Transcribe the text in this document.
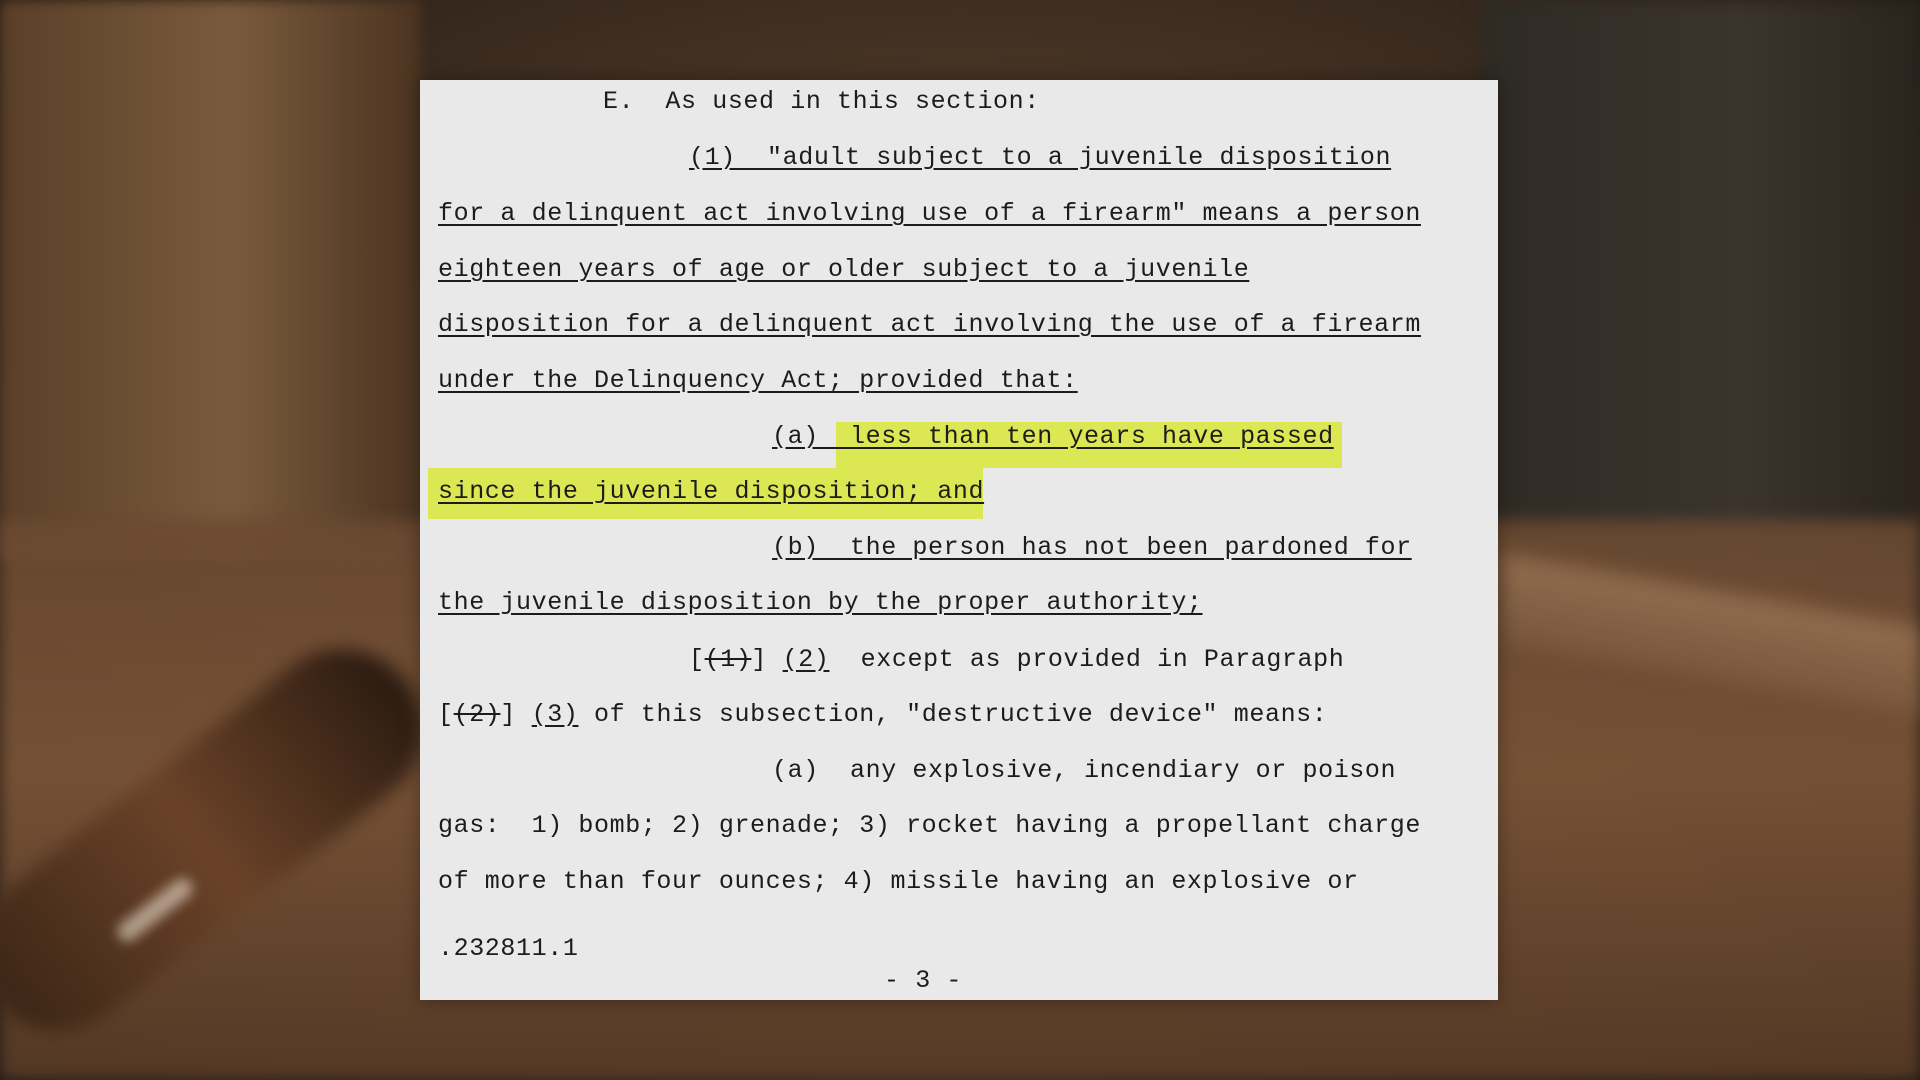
E.  As used in this section:
(1)  "adult subject to a juvenile disposition
for a delinquent act involving use of a firearm" means a person
eighteen years of age or older subject to a juvenile
disposition for a delinquent act involving the use of a firearm
under the Delinquency Act; provided that:
(a)  less than ten years have passed
since the juvenile disposition; and
(b)  the person has not been pardoned for
the juvenile disposition by the proper authority;
[(1)] (2)  except as provided in Paragraph
[(2)] (3) of this subsection, "destructive device" means:
(a)  any explosive, incendiary or poison
gas:  1) bomb; 2) grenade; 3) rocket having a propellant charge
of more than four ounces; 4) missile having an explosive or
.232811.1
- 3 -
